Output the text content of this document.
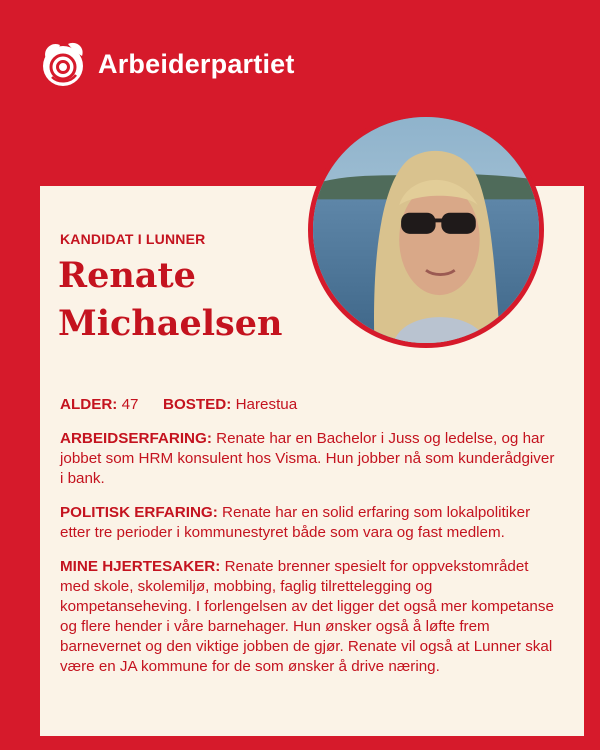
Arbeiderpartiet
KANDIDAT I LUNNER
Renate
Michaelsen

ALDER: 47 BOSTED: Harestua

ARBEIDSERFARING: Renate har en Bachelor i Juss og ledelse, og har jobbet som HRM konsulent hos Visma. Hun jobber nå som kunderådgiver i bank.

POLITISK ERFARING: Renate har en solid erfaring som lokalpolitiker etter tre perioder i kommunestyret både som vara og fast medlem.

MINE HJERTESAKER: Renate brenner spesielt for oppvekstområdet med skole, skolemiljø, mobbing, faglig tilrettelegging og kompetanseheving. I forlengelsen av det ligger det også mer kompetanse og flere hender i våre barnehager. Hun ønsker også å løfte frem barnevernet og den viktige jobben de gjør. Renate vil også at Lunner skal være en JA kommune for de som ønsker å drive næring.
